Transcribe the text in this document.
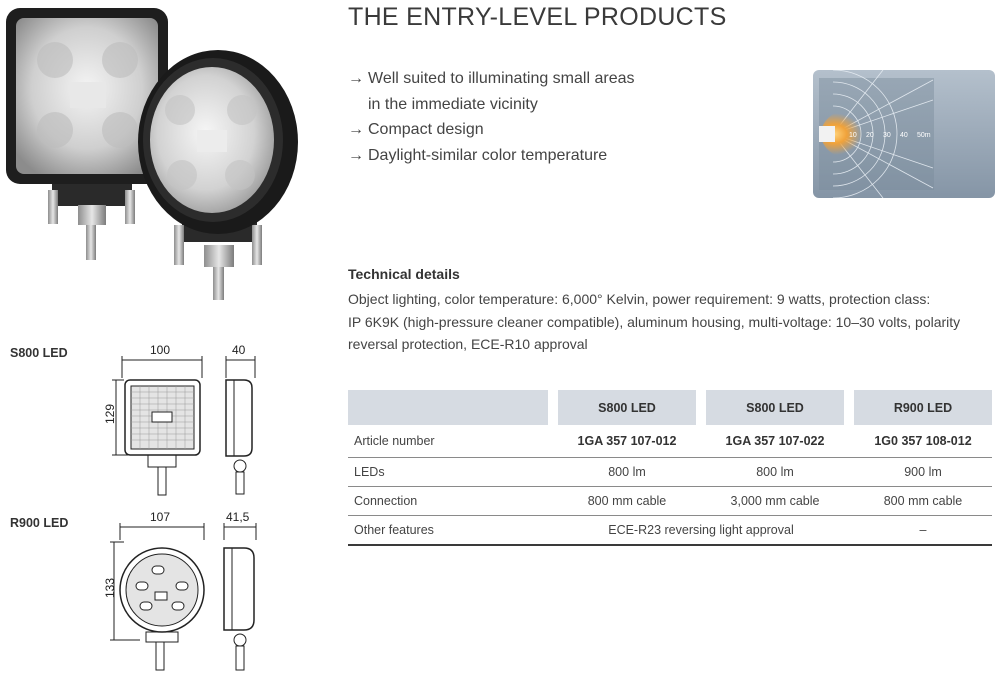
THE ENTRY-LEVEL PRODUCTS
→ Well suited to illuminating small areas
in the immediate vicinity
→ Compact design
→ Daylight-similar color temperature
10 20 30 40 50m
Technical details
Object lighting, color temperature: 6,000° Kelvin, power requirement: 9 watts, protection class:
IP 6K9K (high-pressure cleaner compatible), aluminum housing, multi-voltage: 10–30 volts, polarity
reversal protection, ECE-R10 approval
S800 LED
R900 LED
100	40
129
107	41,5
133
		S800 LED		S800 LED		R900 LED
Article number		1GA 357 107-012		1GA 357 107-022		1G0 357 108-012
LEDs		800 lm		800 lm		900 lm
Connection		800 mm cable		3,000 mm cable		800 mm cable
Other features		ECE-R23 reversing light approval				–
